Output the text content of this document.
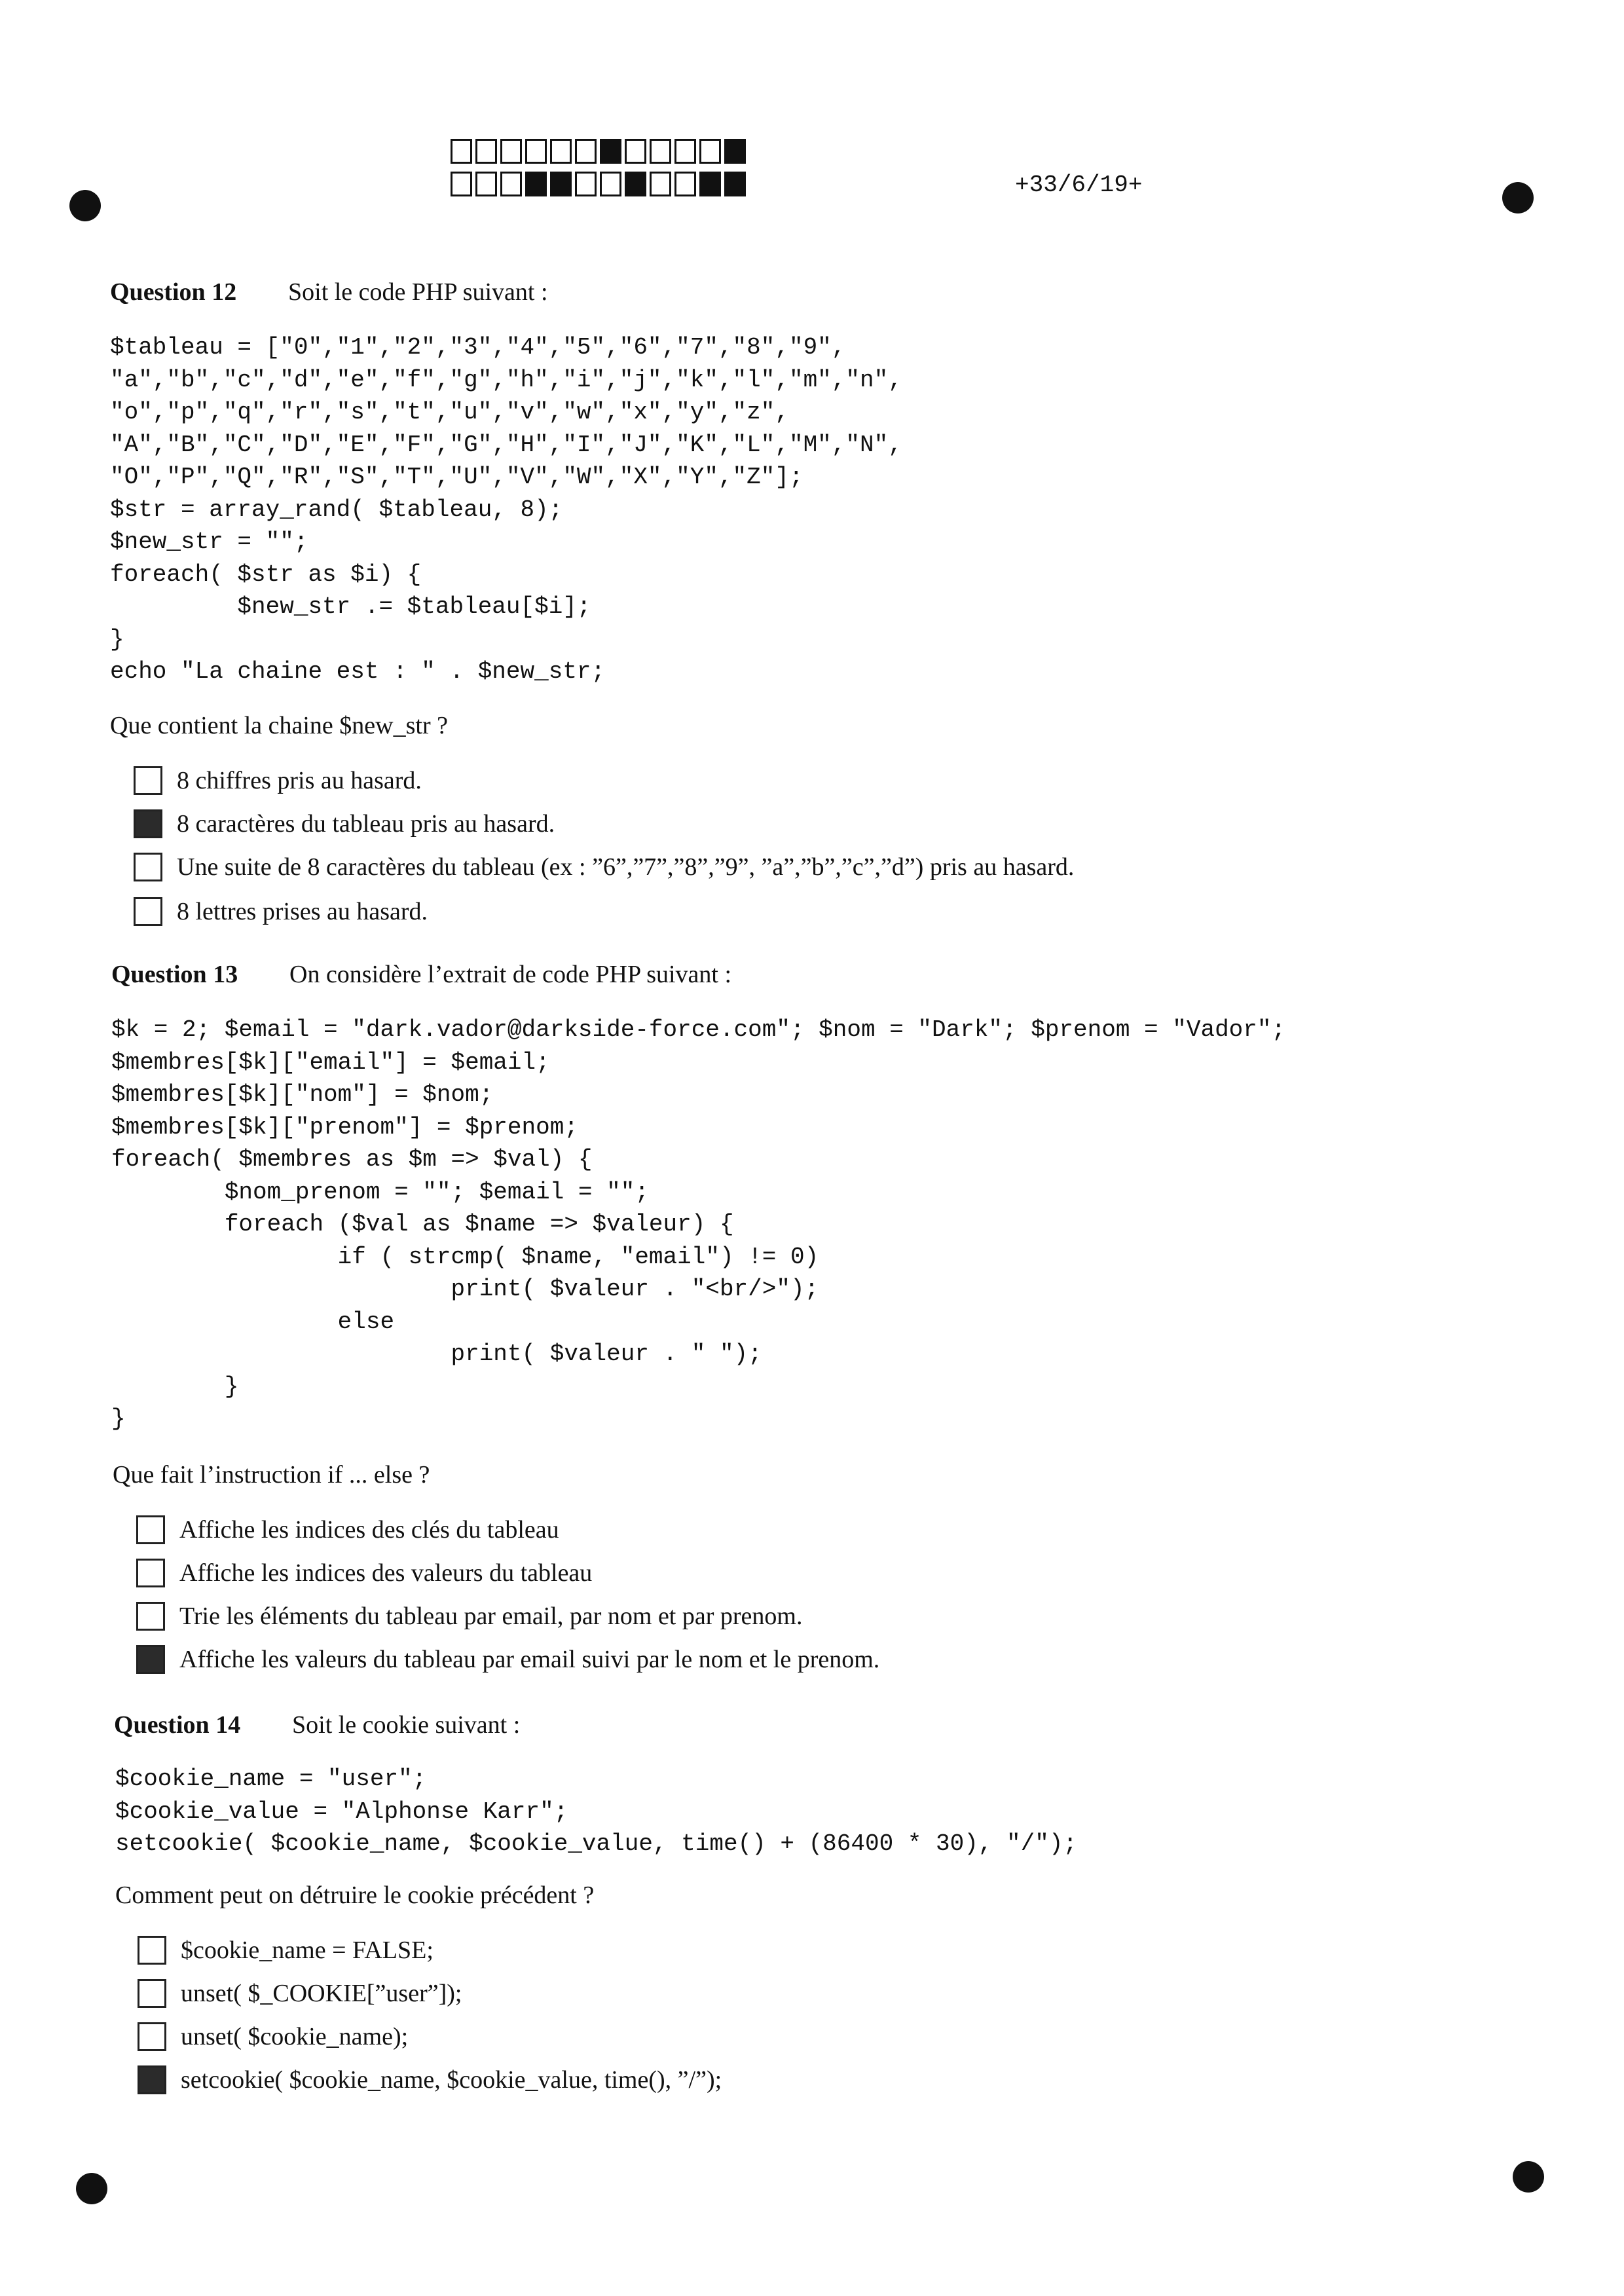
+33/6/19+
Question 12 Soit le code PHP suivant :
$tableau = ["0","1","2","3","4","5","6","7","8","9",
"a","b","c","d","e","f","g","h","i","j","k","l","m","n",
"o","p","q","r","s","t","u","v","w","x","y","z",
"A","B","C","D","E","F","G","H","I","J","K","L","M","N",
"O","P","Q","R","S","T","U","V","W","X","Y","Z"];
$str = array_rand( $tableau, 8);
$new_str = "";
foreach( $str as $i) {
$new_str .= $tableau[$i];
}
echo "La chaine est : " . $new_str;
Que contient la chaine $new_str ?
8 chiffres pris au hasard.
8 caractères du tableau pris au hasard.
Une suite de 8 caractères du tableau (ex : ”6”,”7”,”8”,”9”, ”a”,”b”,”c”,”d”) pris au hasard.
8 lettres prises au hasard.
Question 13 On considère l’extrait de code PHP suivant :
$k = 2; $email = "dark.vador@darkside-force.com"; $nom = "Dark"; $prenom = "Vador";
$membres[$k]["email"] = $email;
$membres[$k]["nom"] = $nom;
$membres[$k]["prenom"] = $prenom;
foreach( $membres as $m => $val) {
$nom_prenom = ""; $email = "";
foreach ($val as $name => $valeur) {
if ( strcmp( $name, "email") != 0)
print( $valeur . "<br/>");
else
print( $valeur . " ");
}
}
Que fait l’instruction if ... else ?
Affiche les indices des clés du tableau
Affiche les indices des valeurs du tableau
Trie les éléments du tableau par email, par nom et par prenom.
Affiche les valeurs du tableau par email suivi par le nom et le prenom.
Question 14 Soit le cookie suivant :
$cookie_name = "user";
$cookie_value = "Alphonse Karr";
setcookie( $cookie_name, $cookie_value, time() + (86400 * 30), "/");
Comment peut on détruire le cookie précédent ?
$cookie_name = FALSE;
unset( $_COOKIE[”user”]);
unset( $cookie_name);
setcookie( $cookie_name, $cookie_value, time(), ”/”);
